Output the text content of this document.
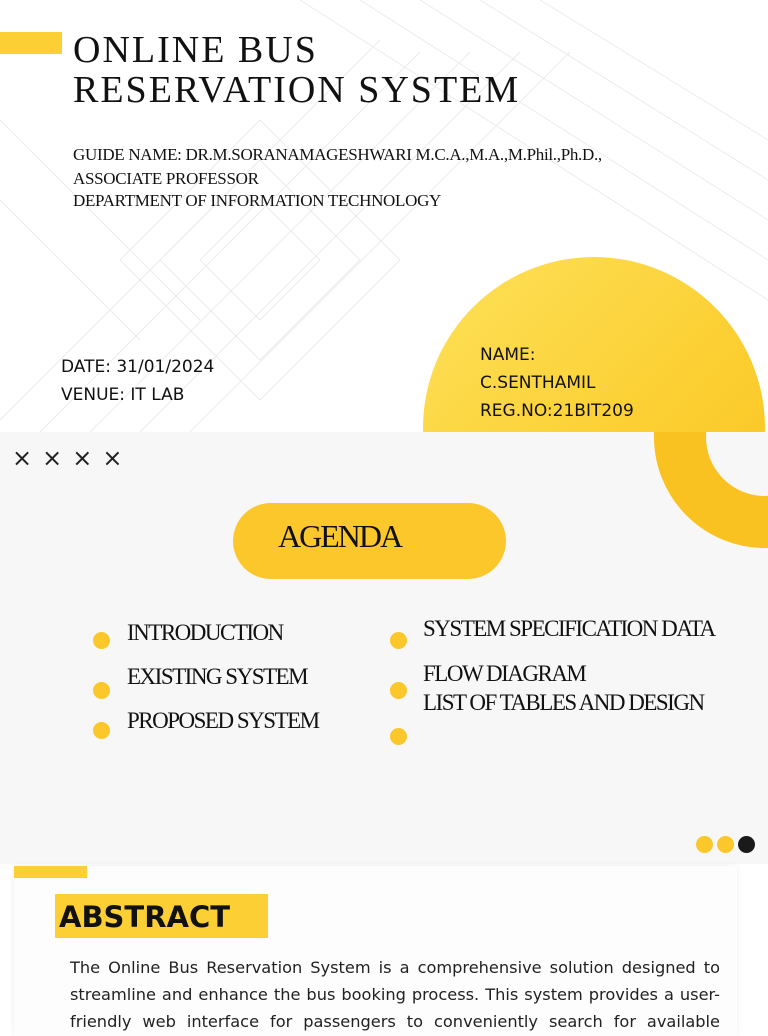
ONLINE BUS
RESERVATION SYSTEM
GUIDE NAME: DR.M.SORANAMAGESHWARI M.C.A.,M.A.,M.Phil.,Ph.D.,
ASSOCIATE PROFESSOR
DEPARTMENT OF INFORMATION TECHNOLOGY
DATE: 31/01/2024
VENUE: IT LAB
NAME:
C.SENTHAMIL
REG.NO:21BIT209
××××
AGENDA
INTRODUCTION
EXISTING SYSTEM
PROPOSED SYSTEM
SYSTEM SPECIFICATION DATA
FLOW DIAGRAM
LIST OF TABLES AND DESIGN
ABSTRACT
The Online Bus Reservation System is a comprehensive solution designed to
streamline and enhance the bus booking process. This system provides a user-
friendly web interface for passengers to conveniently search for available
